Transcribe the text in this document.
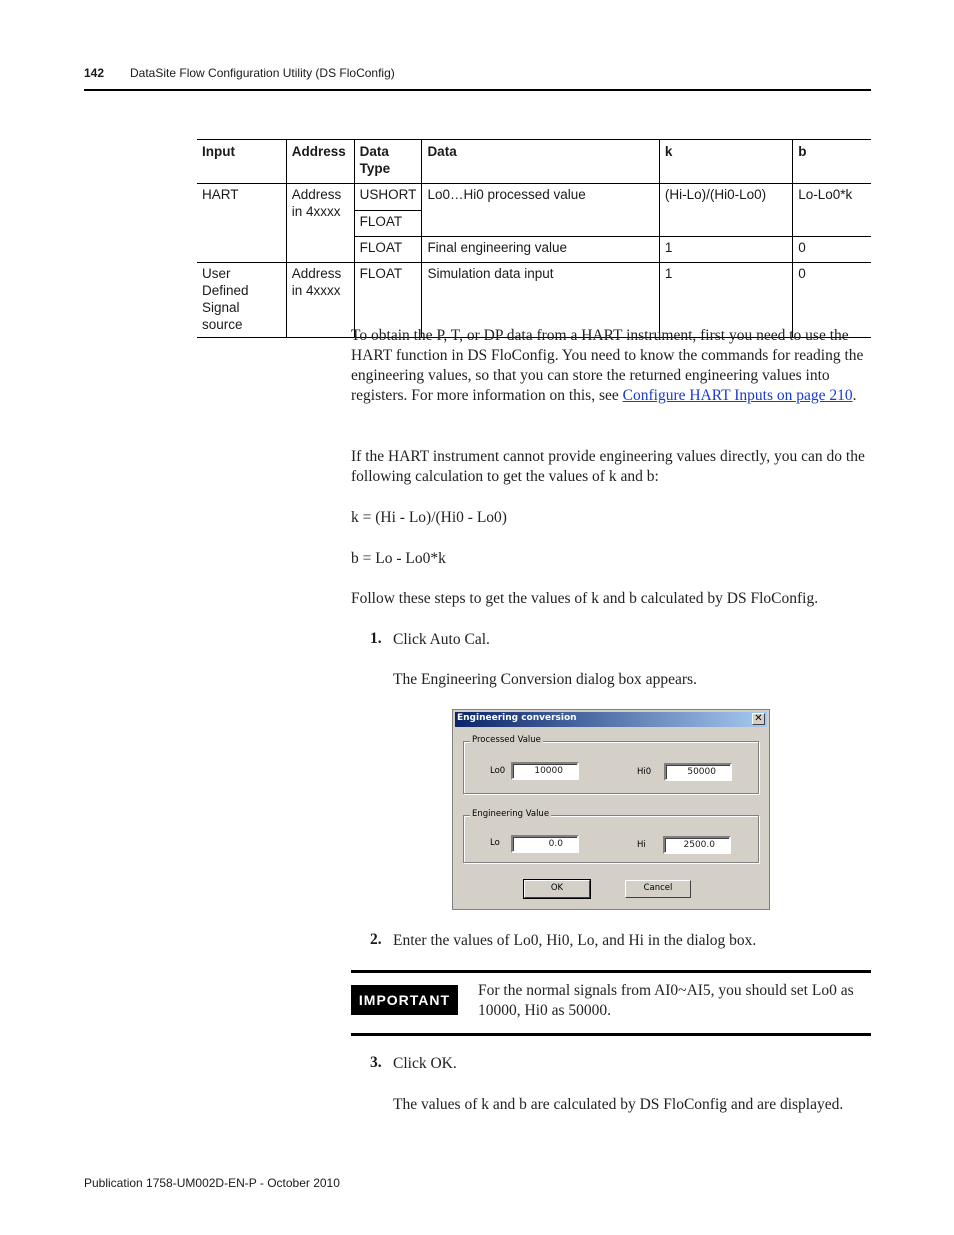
142 DataSite Flow Configuration Utility (DS FloConfig)
Input	Address	Data Type	Data	k	b
HART	Address in 4xxxx	USHORT	Lo0…Hi0 processed value	(Hi-Lo)/(Hi0-Lo0)	Lo-Lo0*k
		FLOAT			
		FLOAT	Final engineering value	1	0
User Defined Signal source	Address in 4xxxx	FLOAT	Simulation data input	1	0

To obtain the P, T, or DP data from a HART instrument, first you need to use the HART function in DS FloConfig. You need to know the commands for reading the engineering values, so that you can store the returned engineering values into registers. For more information on this, see Configure HART Inputs on page 210.

If the HART instrument cannot provide engineering values directly, you can do the following calculation to get the values of k and b:

k = (Hi - Lo)/(Hi0 - Lo0)

b = Lo - Lo0*k

Follow these steps to get the values of k and b calculated by DS FloConfig.

1. Click Auto Cal.
The Engineering Conversion dialog box appears.
Engineering conversion	✕
Processed Value
Lo0	10000	Hi0	50000
Engineering Value
Lo	0.0	Hi	2500.0
OK	Cancel
2. Enter the values of Lo0, Hi0, Lo, and Hi in the dialog box.
IMPORTANT

For the normal signals from AI0~AI5, you should set Lo0 as 10000, Hi0 as 50000.

3. Click OK.
The values of k and b are calculated by DS FloConfig and are displayed.
Publication 1758-UM002D-EN-P - October 2010
